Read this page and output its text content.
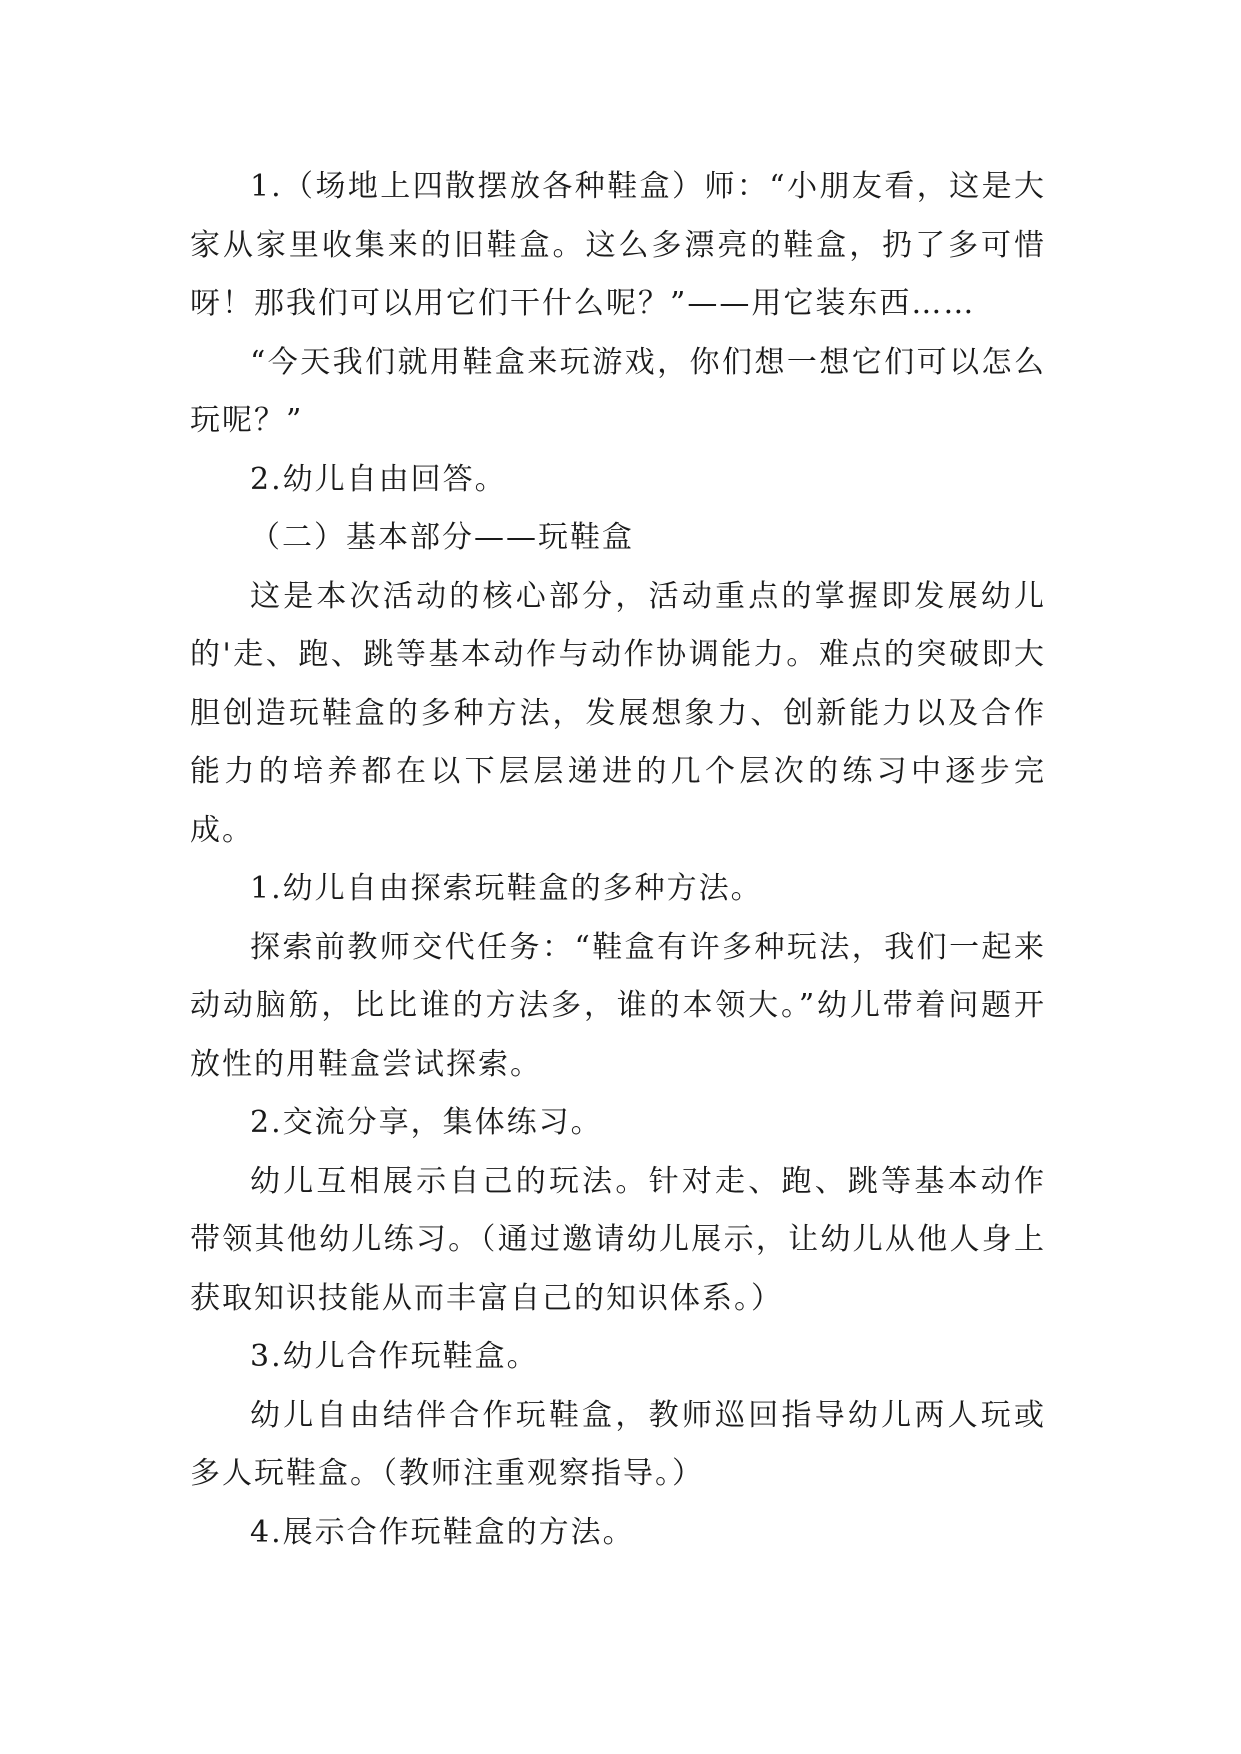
1.（场地上四散摆放各种鞋盒）师：“小朋友看，这是大家从家里收集来的旧鞋盒。这么多漂亮的鞋盒，扔了多可惜呀！那我们可以用它们干什么呢？”——用它装东西……

“今天我们就用鞋盒来玩游戏，你们想一想它们可以怎么玩呢？”

2.幼儿自由回答。

（二）基本部分——玩鞋盒

这是本次活动的核心部分，活动重点的掌握即发展幼儿的'走、跑、跳等基本动作与动作协调能力。难点的突破即大胆创造玩鞋盒的多种方法，发展想象力、创新能力以及合作能力的培养都在以下层层递进的几个层次的练习中逐步完成。

1.幼儿自由探索玩鞋盒的多种方法。

探索前教师交代任务：“鞋盒有许多种玩法，我们一起来动动脑筋，比比谁的方法多，谁的本领大。”幼儿带着问题开放性的用鞋盒尝试探索。

2.交流分享，集体练习。

幼儿互相展示自己的玩法。针对走、跑、跳等基本动作带领其他幼儿练习。（通过邀请幼儿展示，让幼儿从他人身上获取知识技能从而丰富自己的知识体系。）

3.幼儿合作玩鞋盒。

幼儿自由结伴合作玩鞋盒，教师巡回指导幼儿两人玩或多人玩鞋盒。（教师注重观察指导。）

4.展示合作玩鞋盒的方法。
